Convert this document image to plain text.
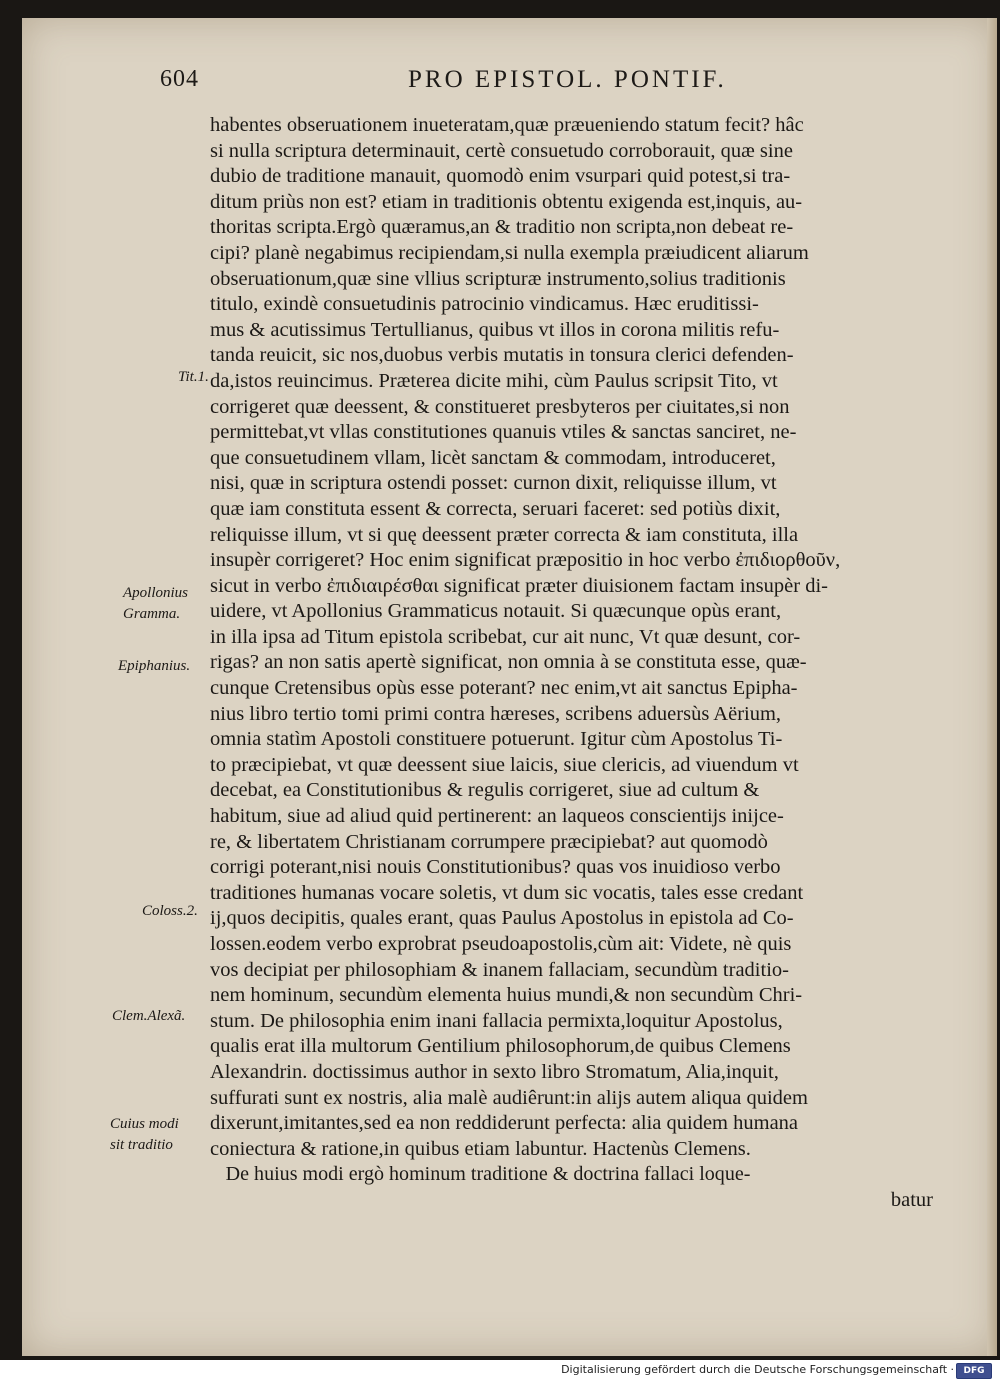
604	PRO EPISTOL. PONTIF.
habentes obseruationem inueteratam,quæ præueniendo statum fecit? hâc
si nulla scriptura determinauit, certè consuetudo corroborauit, quæ sine
dubio de traditione manauit, quomodò enim vsurpari quid potest,si tra-
ditum priùs non est? etiam in traditionis obtentu exigenda est,inquis, au-
thoritas scripta.Ergò quæramus,an & traditio non scripta,non debeat re-
cipi? planè negabimus recipiendam,si nulla exempla præiudicent aliarum
obseruationum,quæ sine vllius scripturæ instrumento,solius traditionis
titulo, exindè consuetudinis patrocinio vindicamus. Hæc eruditissi-
mus & acutissimus Tertullianus, quibus vt illos in corona militis refu-
tanda reuicit, sic nos,duobus verbis mutatis in tonsura clerici defenden-
da,istos reuincimus. Præterea dicite mihi, cùm Paulus scripsit Tito, vt
corrigeret quæ deessent, & constitueret presbyteros per ciuitates,si non
permittebat,vt vllas constitutiones quanuis vtiles & sanctas sanciret, ne-
que consuetudinem vllam, licèt sanctam & commodam, introduceret,
nisi, quæ in scriptura ostendi posset: curnon dixit, reliquisse illum, vt
quæ iam constituta essent & correcta, seruari faceret: sed potiùs dixit,
reliquisse illum, vt si quę deessent præter correcta & iam constituta, illa
insupèr corrigeret? Hoc enim significat præpositio in hoc verbo ἐπιδιορθοῦν,
sicut in verbo ἐπιδιαιρέσθαι significat præter diuisionem factam insupèr di-
uidere, vt Apollonius Grammaticus notauit. Si quæcunque opùs erant,
in illa ipsa ad Titum epistola scribebat, cur ait nunc, Vt quæ desunt, cor-
rigas? an non satis apertè significat, non omnia à se constituta esse, quæ-
cunque Cretensibus opùs esse poterant? nec enim,vt ait sanctus Epipha-
nius libro tertio tomi primi contra hæreses, scribens aduersùs Aërium,
omnia statìm Apostoli constituere potuerunt. Igitur cùm Apostolus Ti-
to præcipiebat, vt quæ deessent siue laicis, siue clericis, ad viuendum vt
decebat, ea Constitutionibus & regulis corrigeret, siue ad cultum &
habitum, siue ad aliud quid pertinerent: an laqueos conscientijs inijce-
re, & libertatem Christianam corrumpere præcipiebat? aut quomodò
corrigi poterant,nisi nouis Constitutionibus? quas vos inuidioso verbo
traditiones humanas vocare soletis, vt dum sic vocatis, tales esse credant
ij,quos decipitis, quales erant, quas Paulus Apostolus in epistola ad Co-
lossen.eodem verbo exprobrat pseudoapostolis,cùm ait: Videte, nè quis
vos decipiat per philosophiam & inanem fallaciam, secundùm traditio-
nem hominum, secundùm elementa huius mundi,& non secundùm Chri-
stum. De philosophia enim inani fallacia permixta,loquitur Apostolus,
qualis erat illa multorum Gentilium philosophorum,de quibus Clemens
Alexandrin. doctissimus author in sexto libro Stromatum, Alia,inquit,
suffurati sunt ex nostris, alia malè audiêrunt:in alijs autem aliqua quidem
dixerunt,imitantes,sed ea non reddiderunt perfecta: alia quidem humana
coniectura & ratione,in quibus etiam labuntur. Hactenùs Clemens.
De huius modi ergò hominum traditione & doctrina fallaci loque-
batur
Tit.1.
Apollonius
Gramma.
Epiphanius.
Coloss.2.
Clem.Alexã.
Cuius modi
sit traditio
Digitalisierung gefördert durch die Deutsche Forschungsgemeinschaft ·	DFG
